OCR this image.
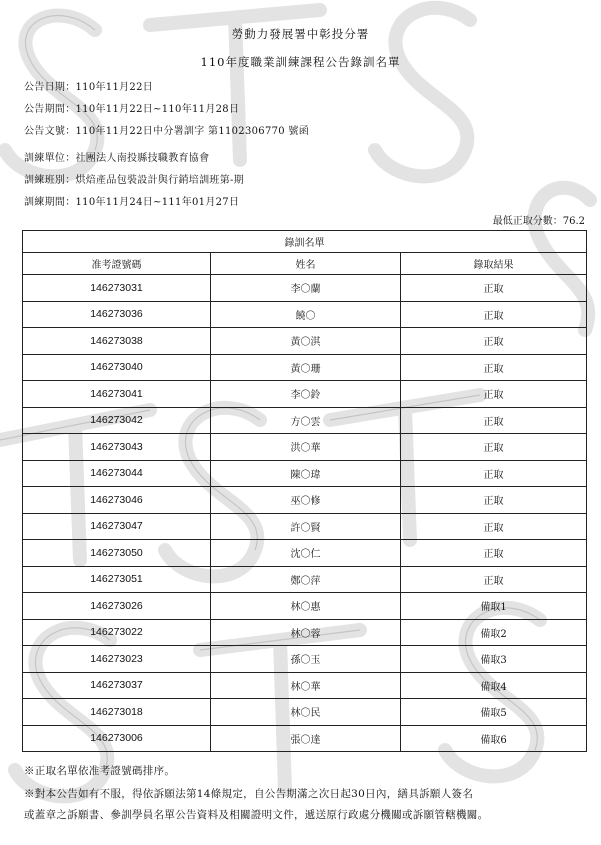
勞動力發展署中彰投分署
110年度職業訓練課程公告錄訓名單
公告日期：110年11月22日
公告期間：110年11月22日~110年11月28日
公告文號：110年11月22日中分署訓字 第1102306770 號函
訓練單位：社團法人南投縣技職教育協會
訓練班別：烘焙產品包裝設計與行銷培訓班第-期
訓練期間：110年11月24日~111年01月27日
最低正取分數：76.2
錄訓名單		
准考證號碼	姓名	錄取結果
146273031	李〇蘭	正取
146273036	饒〇	正取
146273038	黃〇淇	正取
146273040	黃〇珊	正取
146273041	李〇鈴	正取
146273042	方〇雲	正取
146273043	洪〇華	正取
146273044	陳〇瑋	正取
146273046	巫〇修	正取
146273047	許〇賢	正取
146273050	沈〇仁	正取
146273051	鄭〇萍	正取
146273026	林〇惠	備取1
146273022	林〇蓉	備取2
146273023	孫〇玉	備取3
146273037	林〇華	備取4
146273018	林〇民	備取5
146273006	張〇達	備取6
※正取名單依准考證號碼排序。
※對本公告如有不服，得依訴願法第14條規定，自公告期滿之次日起30日內，繕具訴願人簽名
或蓋章之訴願書、參訓學員名單公告資料及相關證明文件，遞送原行政處分機關或訴願管轄機關。
